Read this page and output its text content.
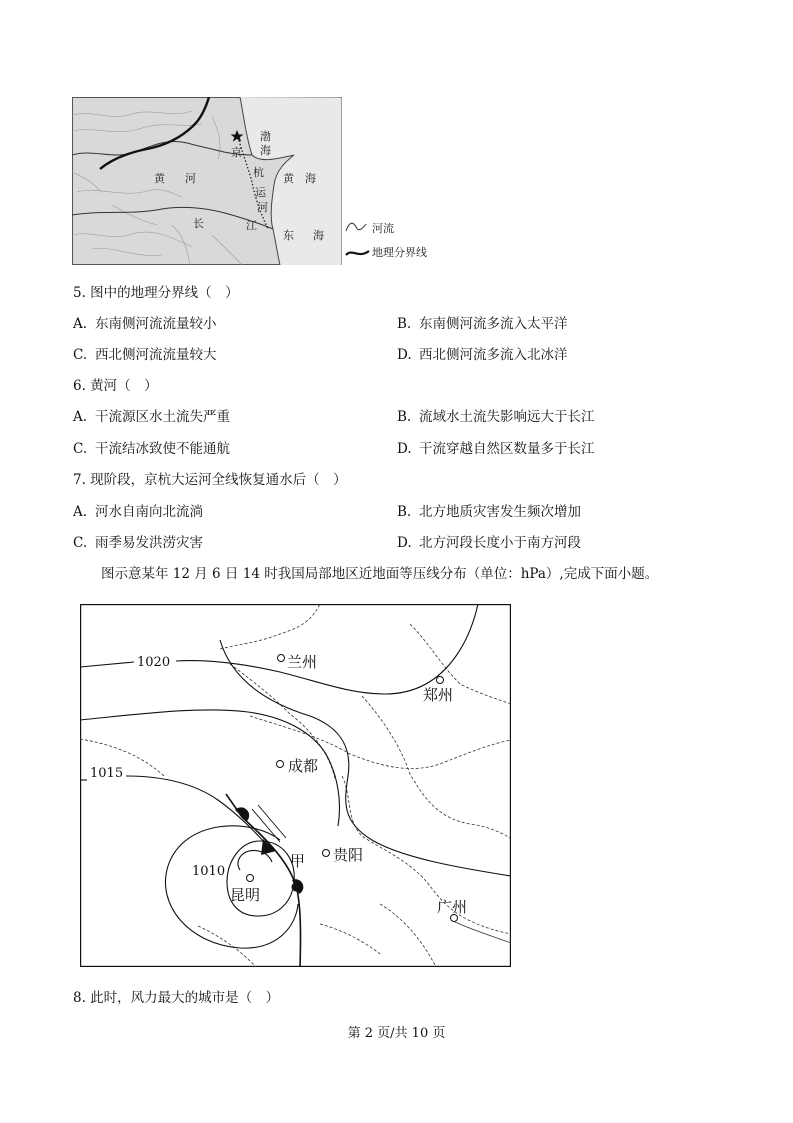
渤
海
京
杭
运
河
黄 河	黄 海
长	江
东 海
河流
地理分界线
5. 图中的地理分界线（　）
A. 东南侧河流流量较小	B. 东南侧河流多流入太平洋
C. 西北侧河流流量较大	D. 西北侧河流多流入北冰洋
6. 黄河（　）
A. 干流源区水土流失严重	B. 流域水土流失影响远大于长江
C. 干流结冰致使不能通航	D. 干流穿越自然区数量多于长江
7. 现阶段，京杭大运河全线恢复通水后（　）
A. 河水自南向北流淌	B. 北方地质灾害发生频次增加
C. 雨季易发洪涝灾害	D. 北方河段长度小于南方河段
图示意某年 12 月 6 日 14 时我国局部地区近地面等压线分布（单位：hPa）,完成下面小题。
兰州
郑州
成都
贵阳
昆明
广州
甲
1020
1015
1010
8. 此时，风力最大的城市是（　）
第 2 页/共 10 页
